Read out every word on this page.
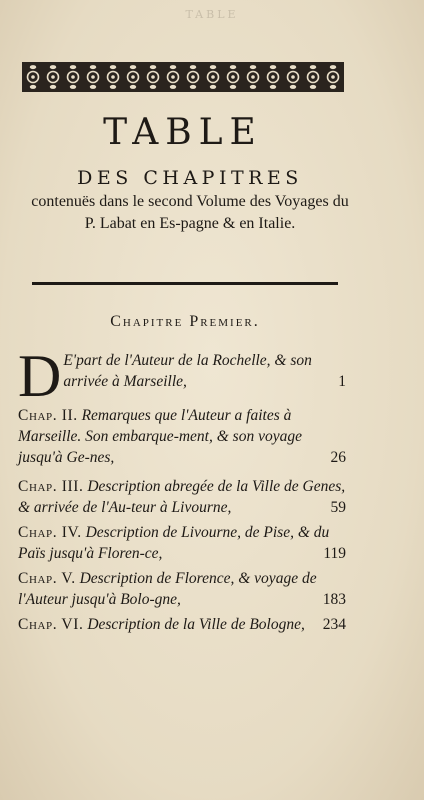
TABLE
TABLE
DES CHAPITRES
contenuës dans le second Volume des Voyages du P. Labat en Es-pagne & en Italie.
Chapitre Premier.
D E'part de l'Auteur de la Rochelle, & son arrivée à Marseille,	1
Chap. II. Remarques que l'Auteur a faites à Marseille. Son embarque-ment, & son voyage jusqu'à Ge-nes,	26
Chap. III. Description abregée de la Ville de Genes, & arrivée de l'Au-teur à Livourne,	59
Chap. IV. Description de Livourne, de Pise, & du Païs jusqu'à Floren-ce,	119
Chap. V. Description de Florence, & voyage de l'Auteur jusqu'à Bolo-gne,	183
Chap. VI. Description de la Ville de Bologne, 234
